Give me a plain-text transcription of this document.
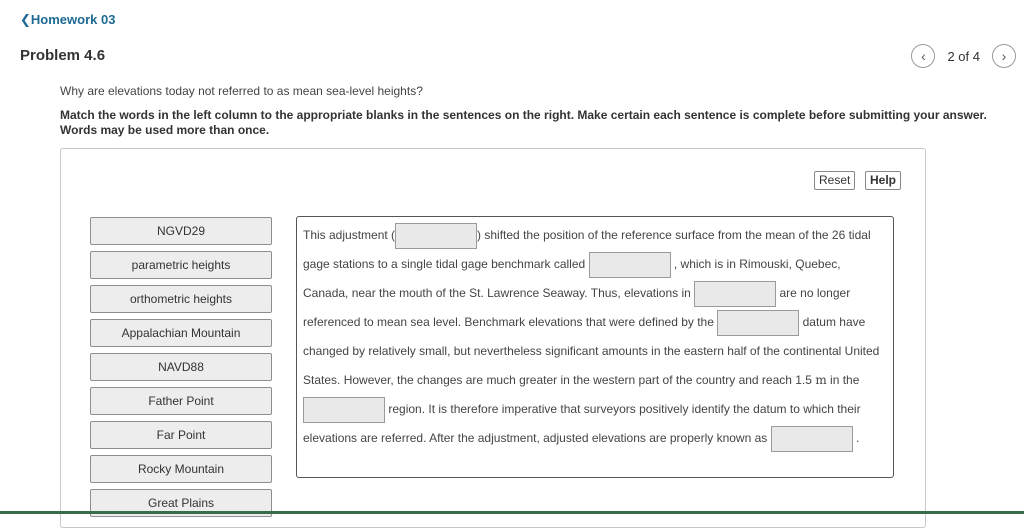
❮Homework 03
Problem 4.6	‹ 2 of 4 ›
Why are elevations today not referred to as mean sea-level heights?
Match the words in the left column to the appropriate blanks in the sentences on the right. Make certain each sentence is complete before submitting your answer. Words may be used more than once.
Reset	Help
NGVD29
parametric heights
orthometric heights
Appalachian Mountain
NAVD88
Father Point
Far Point
Rocky Mountain
Great Plains
This adjustment (	) shifted the position of the reference surface from the mean of the 26 tidal gage stations to a single tidal gage benchmark called	, which is in Rimouski, Quebec, Canada, near the mouth of the St. Lawrence Seaway. Thus, elevations in	are no longer referenced to mean sea level. Benchmark elevations that were defined by the	datum have changed by relatively small, but nevertheless significant amounts in the eastern half of the continental United States. However, the changes are much greater in the western part of the country and reach 1.5 m in the  region. It is therefore imperative that surveyors positively identify the datum to which their elevations are referred. After the adjustment, adjusted elevations are properly known as	.
